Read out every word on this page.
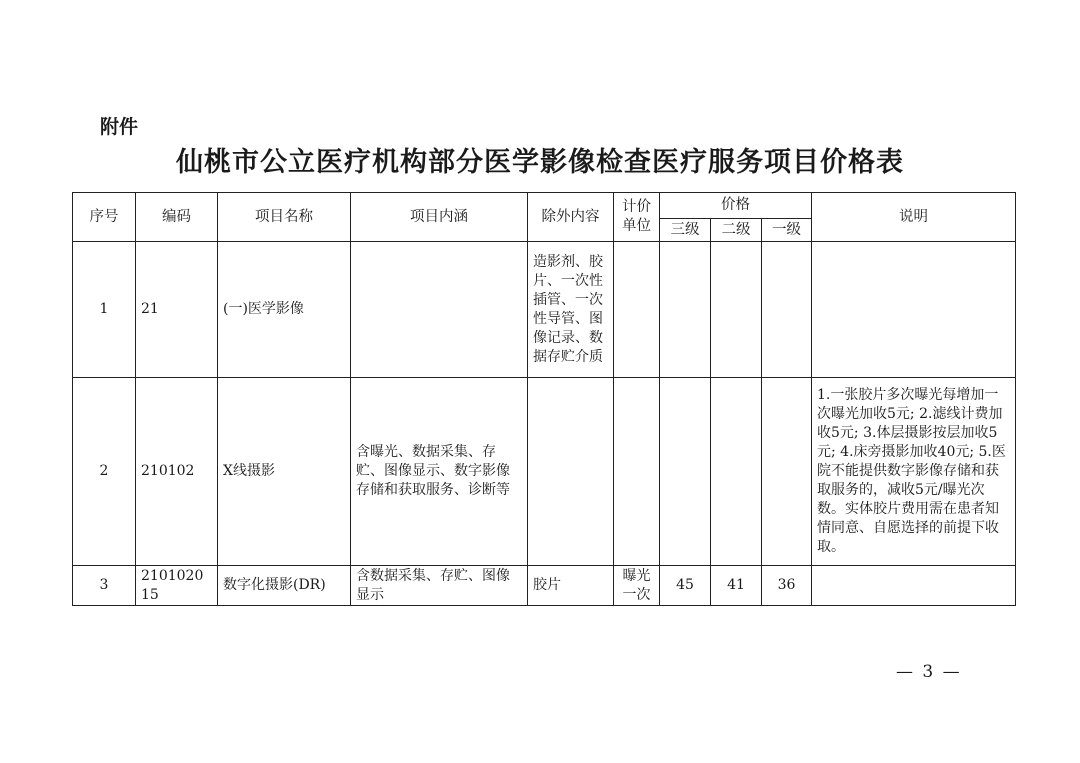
附件
仙桃市公立医疗机构部分医学影像检查医疗服务项目价格表
序号	编码	项目名称	项目内涵	除外内容	计价单位	价格			说明
						三级	二级	一级	
1	21	(一)医学影像		造影剂、胶片、一次性插管、一次性导管、图像记录、数据存贮介质					
2	210102	X线摄影	含曝光、数据采集、存贮、图像显示、数字影像存储和获取服务、诊断等						1.一张胶片多次曝光每增加一次曝光加收5元; 2.滤线计费加收5元; 3.体层摄影按层加收5元; 4.床旁摄影加收40元; 5.医院不能提供数字影像存储和获取服务的，减收5元/曝光次数。实体胶片费用需在患者知情同意、自愿选择的前提下收取。
3	210102015	数字化摄影(DR)	含数据采集、存贮、图像显示	胶片	曝光一次	45	41	36	
— 3 —
